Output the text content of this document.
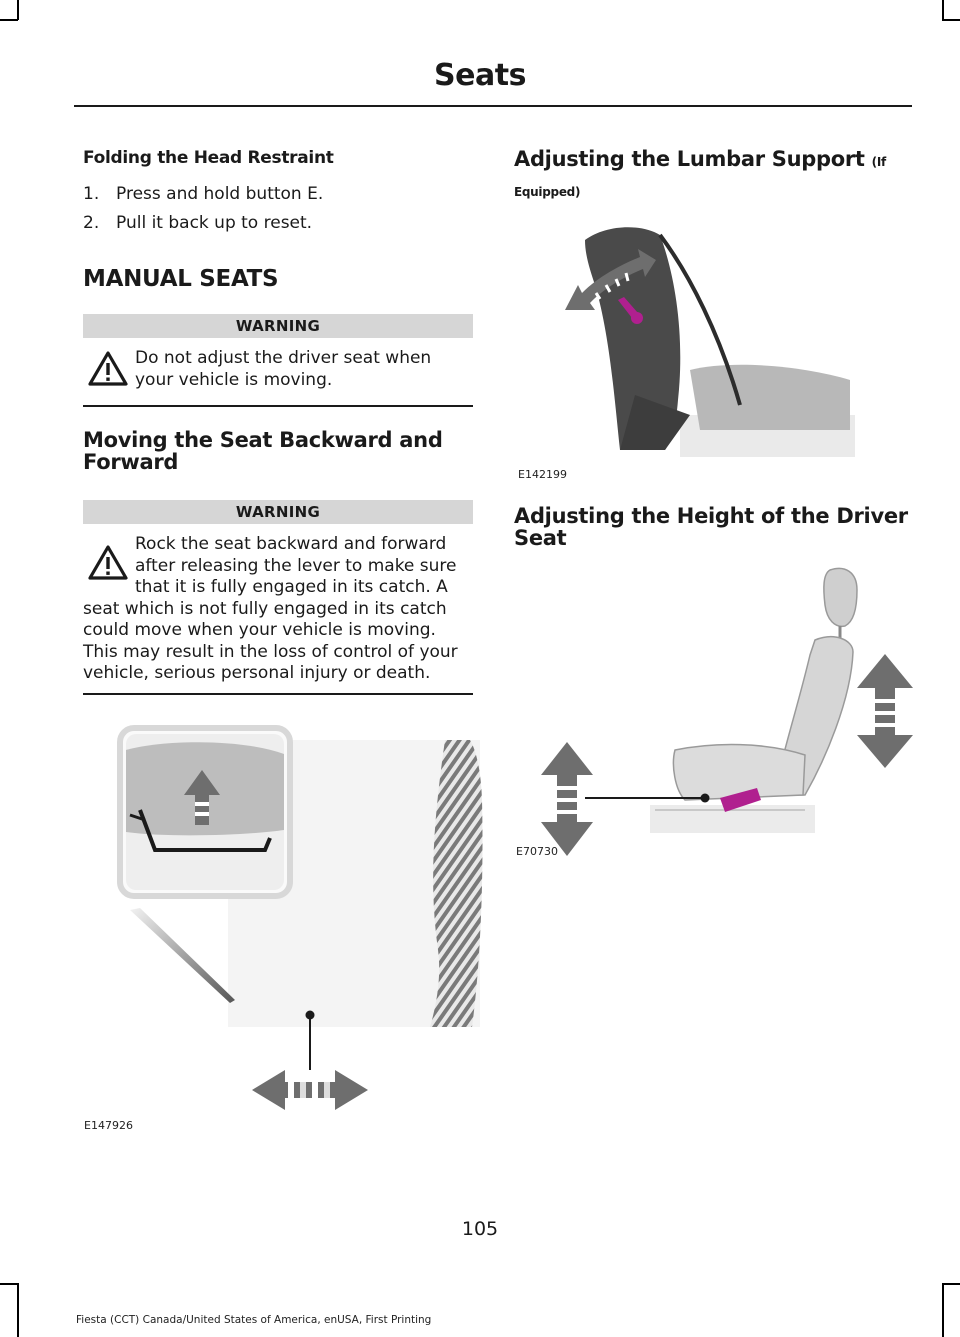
Seats
Folding the Head Restraint
1. Press and hold button E.
2. Pull it back up to reset.
MANUAL SEATS
WARNING
Do not adjust the driver seat when your vehicle is moving.
Moving the Seat Backward and Forward
WARNING
Rock the seat backward and forward after releasing the lever to make sure that it is fully engaged in its catch. A
seat which is not fully engaged in its catch could move when your vehicle is moving. This may result in the loss of control of your vehicle, serious personal injury or death.
E147926
Adjusting the Lumbar Support (If
Equipped)
E142199
Adjusting the Height of the Driver Seat
E70730
105
Fiesta (CCT) Canada/United States of America, enUSA, First Printing
